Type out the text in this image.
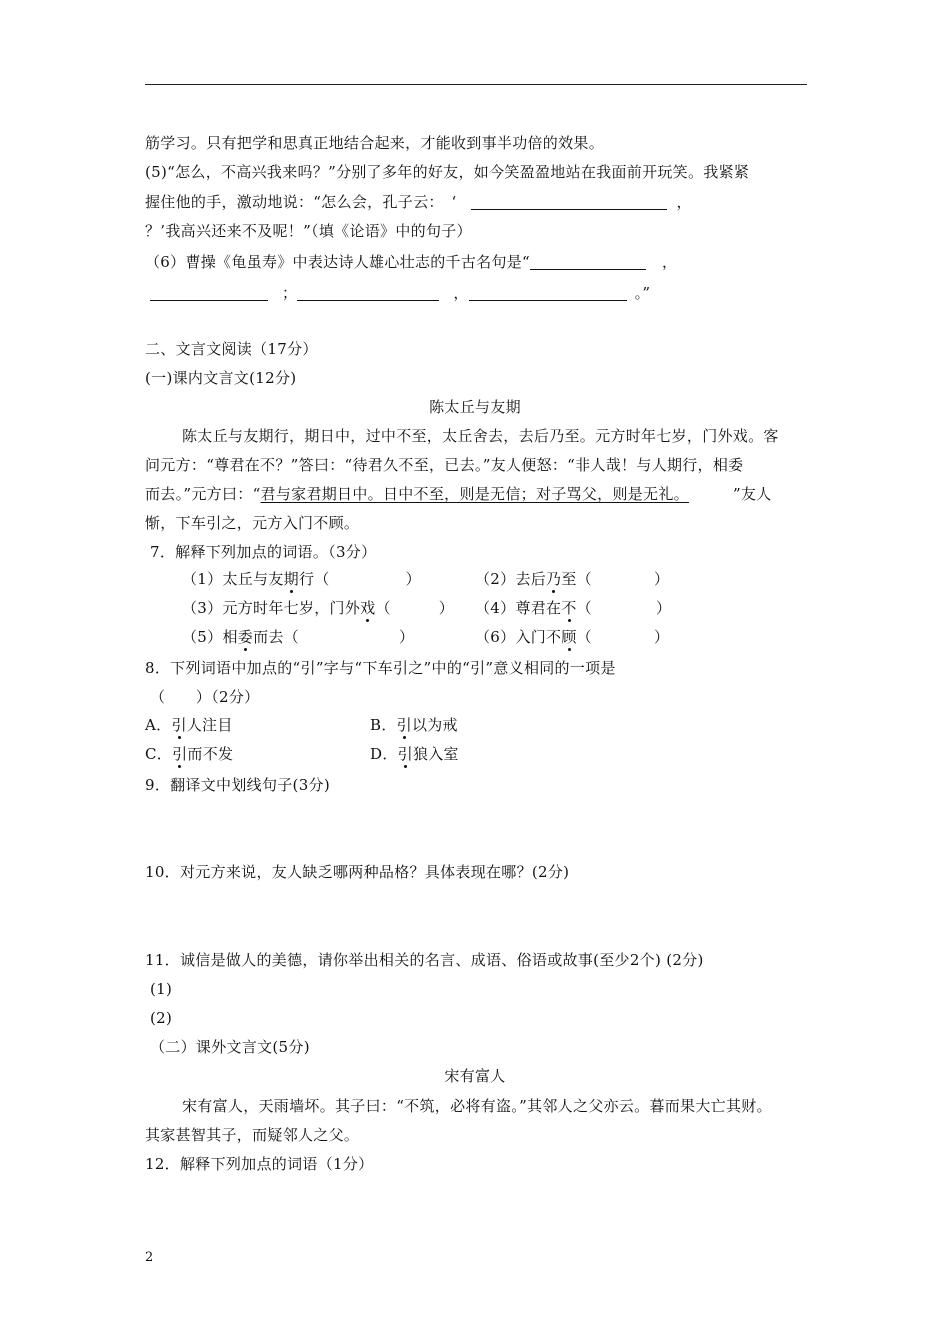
筋学习。只有把学和思真正地结合起来，才能收到事半功倍的效果。
(5)“怎么，不高兴我来吗？”分别了多年的好友，如今笑盈盈地站在我面前开玩笑。我紧紧
握住他的手，激动地说：“怎么会，孔子云：　‘	，
？’我高兴还来不及呢！”（填《论语》中的句子）
（6）曹操《龟虽寿》中表达诗人雄心壮志的千古名句是“	，
；	，	。”
二、文言文阅读（17分）
(一)课内文言文(12分)
陈太丘与友期
陈太丘与友期行，期日中，过中不至，太丘舍去，去后乃至。元方时年七岁，门外戏。客
问元方：“尊君在不？”答曰：“待君久不至，已去。”友人便怒：“非人哉！与人期行，相委
而去。”元方曰：“君与家君期日中。日中不至，则是无信；对子骂父，则是无礼。	”友人
惭，下车引之，元方入门不顾。
7．解释下列加点的词语。（3分）
（1）太丘与友期行（	）	（2）去后乃至（	）
（3）元方时年七岁，门外戏（	） （4）尊君在不（	）
（5）相委而去（	）	（6）入门不顾（	）
8．下列词语中加点的“引”字与“下车引之”中的“引”意义相同的一项是
（　　）（2分）
A．引人注目	B．引以为戒
C．引而不发	D．引狼入室
9．翻译文中划线句子(3分)
10．对元方来说，友人缺乏哪两种品格？具体表现在哪？(2分)
11．诚信是做人的美德，请你举出相关的名言、成语、俗语或故事(至少2个) (2分)
(1)
(2)
（二）课外文言文(5分)
宋有富人
宋有富人，天雨墙坏。其子曰：“不筑，必将有盗。”其邻人之父亦云。暮而果大亡其财。
其家甚智其子，而疑邻人之父。
12．解释下列加点的词语（1分）
2
